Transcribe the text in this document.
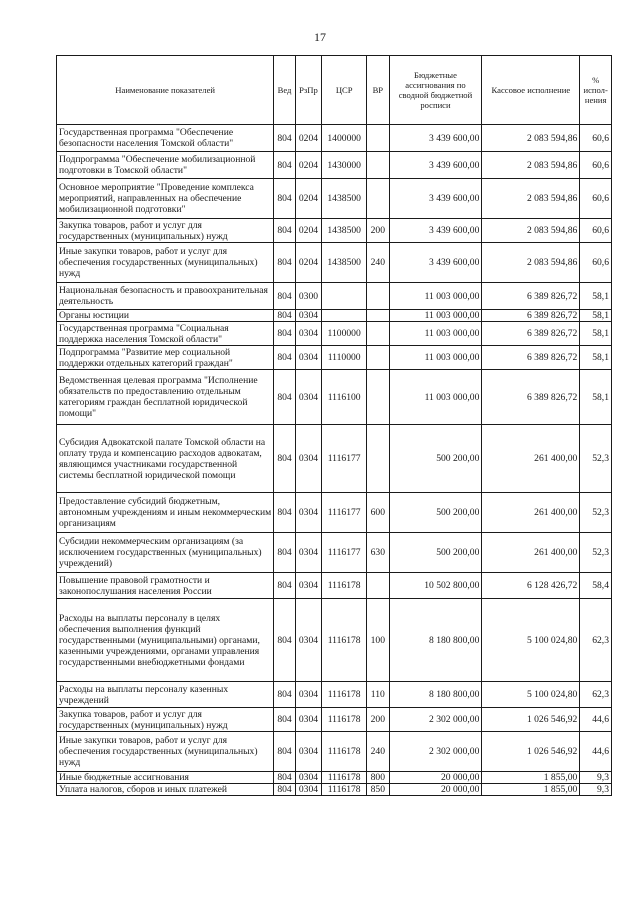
17
Наименование показателей	Вед	РзПр	ЦСР	ВР	Бюджетные ассигнования по сводной бюджетной росписи	Кассовое исполнение	% испол-нения
Государственная программа "Обеспечение безопасности населения Томской области"	804	0204	1400000		3 439 600,00	2 083 594,86	60,6
Подпрограмма "Обеспечение мобилизационной подготовки в Томской области"	804	0204	1430000		3 439 600,00	2 083 594,86	60,6
Основное мероприятие "Проведение комплекса мероприятий, направленных на обеспечение мобилизационной подготовки"	804	0204	1438500		3 439 600,00	2 083 594,86	60,6
Закупка товаров, работ и услуг для государственных (муниципальных) нужд	804	0204	1438500	200	3 439 600,00	2 083 594,86	60,6
Иные закупки товаров, работ и услуг для обеспечения государственных (муниципальных) нужд	804	0204	1438500	240	3 439 600,00	2 083 594,86	60,6
Национальная безопасность и правоохранительная деятельность	804	0300			11 003 000,00	6 389 826,72	58,1
Органы юстиции	804	0304			11 003 000,00	6 389 826,72	58,1
Государственная программа "Социальная поддержка населения Томской области"	804	0304	1100000		11 003 000,00	6 389 826,72	58,1
Подпрограмма "Развитие мер социальной поддержки отдельных категорий граждан"	804	0304	1110000		11 003 000,00	6 389 826,72	58,1
Ведомственная целевая программа "Исполнение обязательств по предоставлению отдельным категориям граждан бесплатной юридической помощи"	804	0304	1116100		11 003 000,00	6 389 826,72	58,1
Субсидия Адвокатской палате Томской области на оплату труда и компенсацию расходов адвокатам, являющимся участниками государственной системы бесплатной юридической помощи	804	0304	1116177		500 200,00	261 400,00	52,3
Предоставление субсидий бюджетным, автономным учреждениям и иным некоммерческим организациям	804	0304	1116177	600	500 200,00	261 400,00	52,3
Субсидии некоммерческим организациям (за исключением государственных (муниципальных) учреждений)	804	0304	1116177	630	500 200,00	261 400,00	52,3
Повышение правовой грамотности и законопослушания населения России	804	0304	1116178		10 502 800,00	6 128 426,72	58,4
Расходы на выплаты персоналу в целях обеспечения выполнения функций государственными (муниципальными) органами, казенными учреждениями, органами управления государственными внебюджетными фондами	804	0304	1116178	100	8 180 800,00	5 100 024,80	62,3
Расходы на выплаты персоналу казенных учреждений	804	0304	1116178	110	8 180 800,00	5 100 024,80	62,3
Закупка товаров, работ и услуг для государственных (муниципальных) нужд	804	0304	1116178	200	2 302 000,00	1 026 546,92	44,6
Иные закупки товаров, работ и услуг для обеспечения государственных (муниципальных) нужд	804	0304	1116178	240	2 302 000,00	1 026 546,92	44,6
Иные бюджетные ассигнования	804	0304	1116178	800	20 000,00	1 855,00	9,3
Уплата налогов, сборов и иных платежей	804	0304	1116178	850	20 000,00	1 855,00	9,3
